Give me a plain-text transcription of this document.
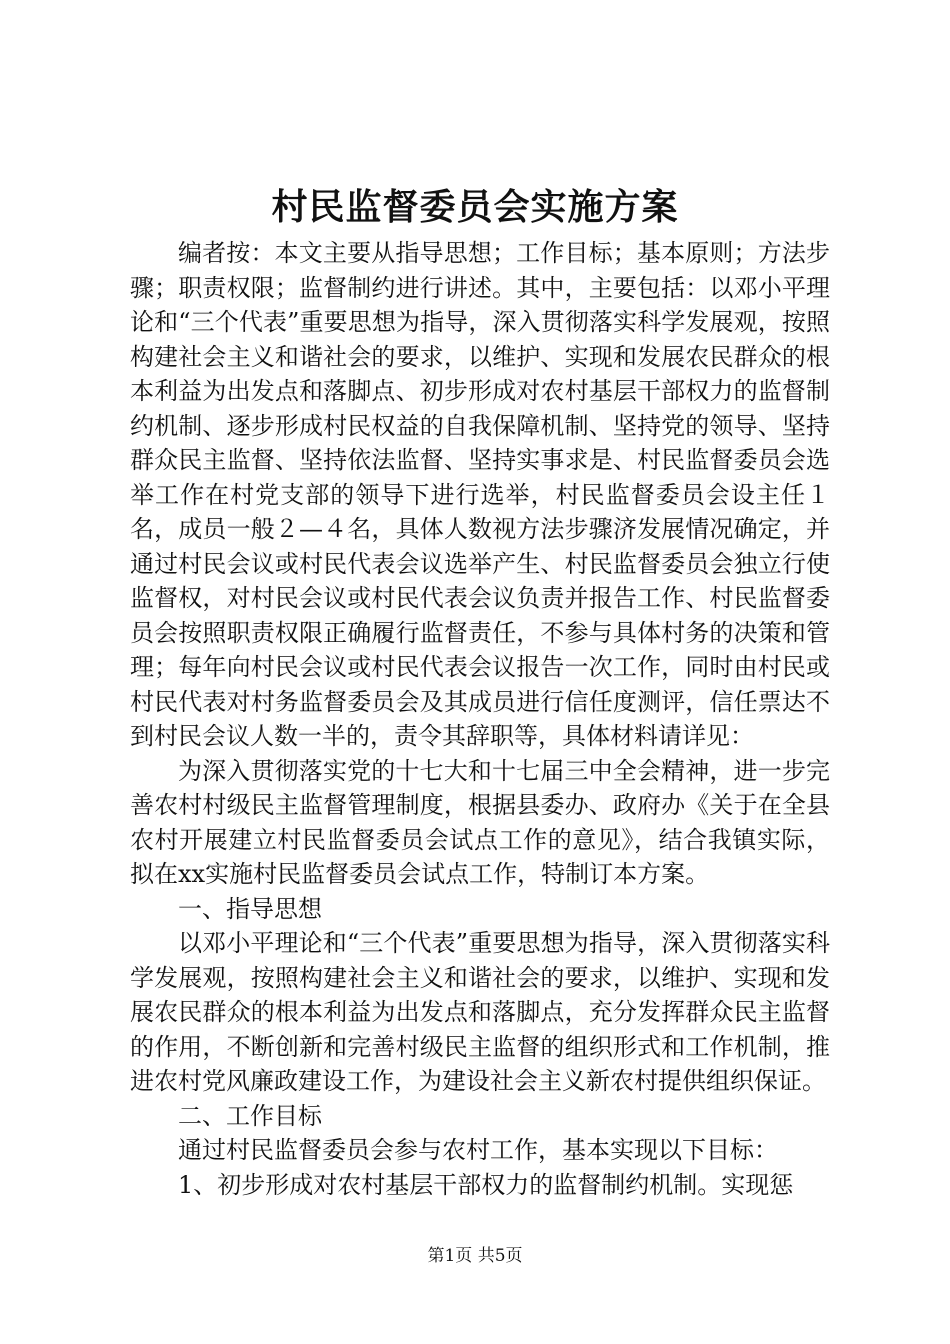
村民监督委员会实施方案

编者按：本文主要从指导思想；工作目标；基本原则；方法步骤；职责权限；监督制约进行讲述。其中，主要包括：以邓小平理论和“三个代表”重要思想为指导，深入贯彻落实科学发展观，按照构建社会主义和谐社会的要求，以维护、实现和发展农民群众的根本利益为出发点和落脚点、初步形成对农村基层干部权力的监督制约机制、逐步形成村民权益的自我保障机制、坚持党的领导、坚持群众民主监督、坚持依法监督、坚持实事求是、村民监督委员会选举工作在村党支部的领导下进行选举，村民监督委员会设主任１名，成员一般２—４名，具体人数视方法步骤济发展情况确定，并通过村民会议或村民代表会议选举产生、村民监督委员会独立行使监督权，对村民会议或村民代表会议负责并报告工作、村民监督委员会按照职责权限正确履行监督责任，不参与具体村务的决策和管理；每年向村民会议或村民代表会议报告一次工作，同时由村民或村民代表对村务监督委员会及其成员进行信任度测评，信任票达不到村民会议人数一半的，责令其辞职等，具体材料请详见：

为深入贯彻落实党的十七大和十七届三中全会精神，进一步完善农村村级民主监督管理制度，根据县委办、政府办《关于在全县农村开展建立村民监督委员会试点工作的意见》，结合我镇实际，拟在xx实施村民监督委员会试点工作，特制订本方案。

一、指导思想

以邓小平理论和“三个代表”重要思想为指导，深入贯彻落实科学发展观，按照构建社会主义和谐社会的要求，以维护、实现和发展农民群众的根本利益为出发点和落脚点，充分发挥群众民主监督的作用，不断创新和完善村级民主监督的组织形式和工作机制，推进农村党风廉政建设工作，为建设社会主义新农村提供组织保证。

二、工作目标

通过村民监督委员会参与农村工作，基本实现以下目标：

1、初步形成对农村基层干部权力的监督制约机制。实现惩

第1页 共5页
